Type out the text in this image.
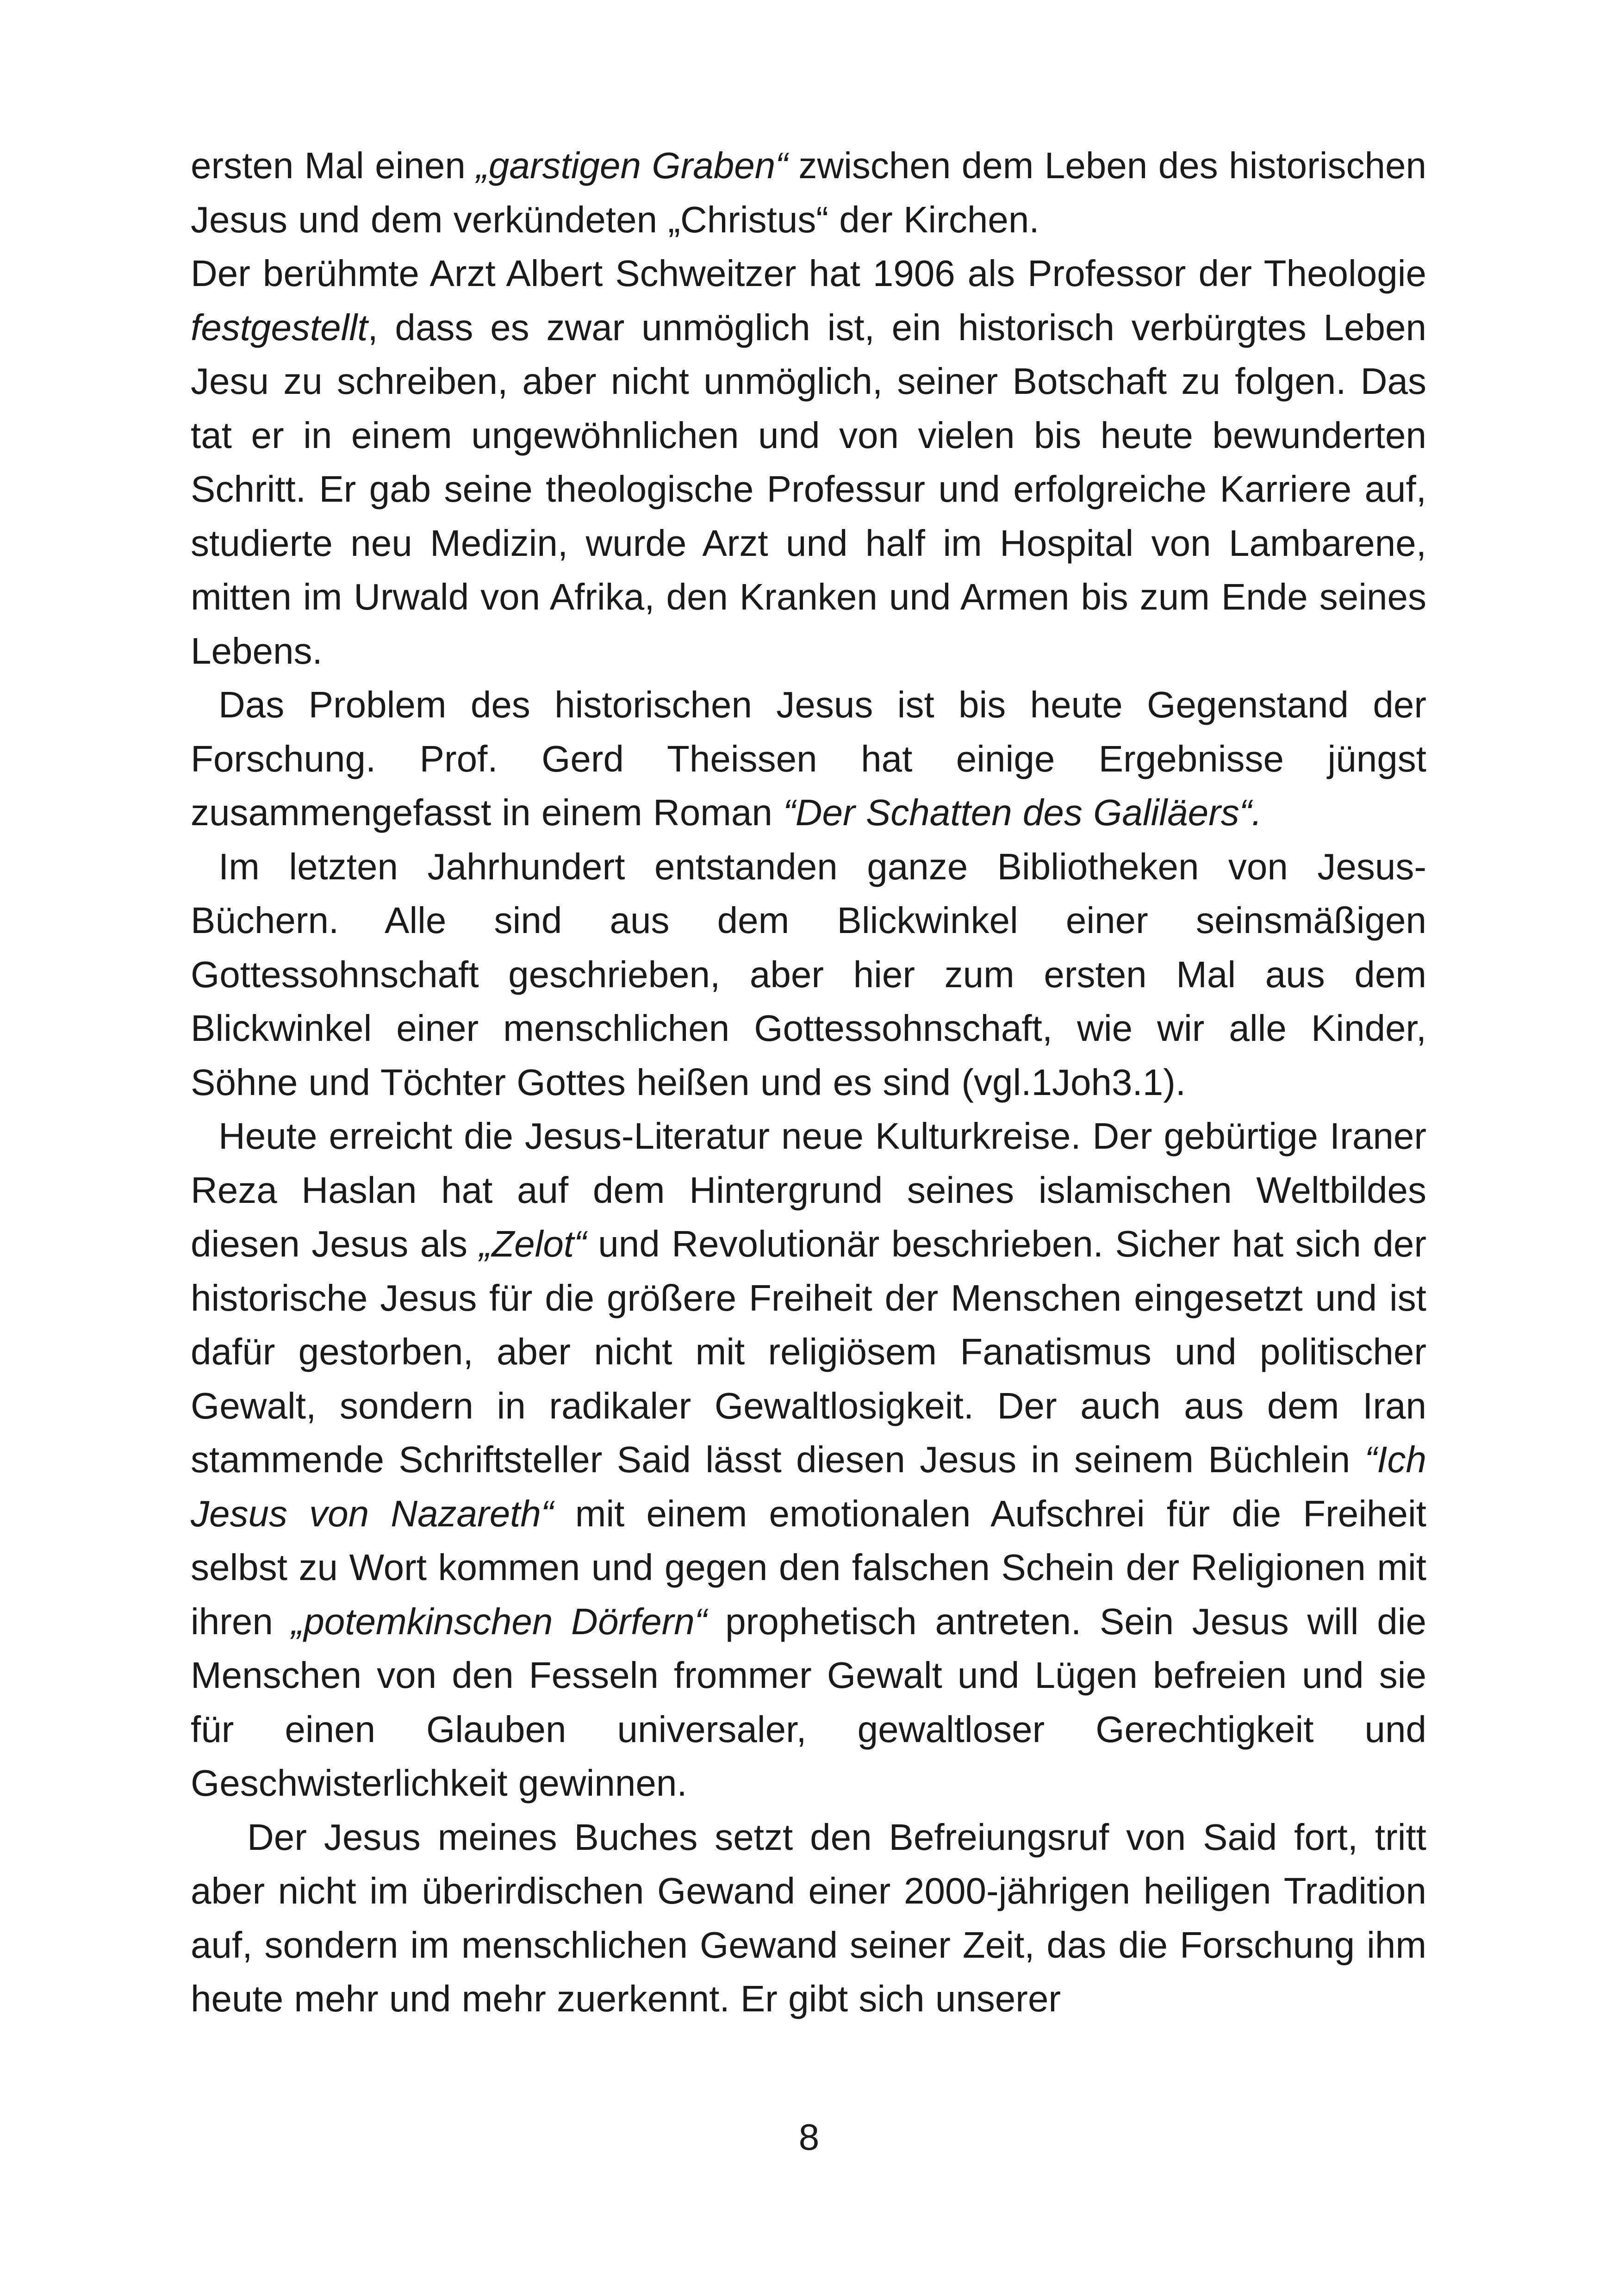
ersten Mal einen „garstigen Graben“ zwischen dem Leben des historischen Jesus und dem verkündeten „Christus“ der Kirchen.

Der berühmte Arzt Albert Schweitzer hat 1906 als Professor der Theologie festgestellt, dass es zwar unmöglich ist, ein historisch verbürgtes Leben Jesu zu schreiben, aber nicht unmöglich, seiner Botschaft zu folgen. Das tat er in einem ungewöhnlichen und von vielen bis heute bewunderten Schritt. Er gab seine theologische Professur und erfolgreiche Karriere auf, studierte neu Medizin, wurde Arzt und half im Hospital von Lambarene, mitten im Urwald von Afrika, den Kranken und Armen bis zum Ende seines Lebens.

Das Problem des historischen Jesus ist bis heute Gegenstand der Forschung. Prof. Gerd Theissen hat einige Ergebnisse jüngst zusammengefasst in einem Roman “Der Schatten des Galiläers“.

Im letzten Jahrhundert entstanden ganze Bibliotheken von Jesus-Büchern. Alle sind aus dem Blickwinkel einer seinsmäßigen Gottessohnschaft geschrieben, aber hier zum ersten Mal aus dem Blickwinkel einer menschlichen Gottessohnschaft, wie wir alle Kinder, Söhne und Töchter Gottes heißen und es sind (vgl.1Joh3.1).

Heute erreicht die Jesus-Literatur neue Kulturkreise. Der gebürtige Iraner Reza Haslan hat auf dem Hintergrund seines islamischen Weltbildes diesen Jesus als „Zelot“ und Revolutionär beschrieben. Sicher hat sich der historische Jesus für die größere Freiheit der Menschen eingesetzt und ist dafür gestorben, aber nicht mit religiösem Fanatismus und politischer Gewalt, sondern in radikaler Gewaltlosigkeit. Der auch aus dem Iran stammende Schriftsteller Said lässt diesen Jesus in seinem Büchlein “Ich Jesus von Nazareth“ mit einem emotionalen Aufschrei für die Freiheit selbst zu Wort kommen und gegen den falschen Schein der Religionen mit ihren „potemkinschen Dörfern“ prophetisch antreten. Sein Jesus will die Menschen von den Fesseln frommer Gewalt und Lügen befreien und sie für einen Glauben universaler, gewaltloser Gerechtigkeit und Geschwisterlichkeit gewinnen.

Der Jesus meines Buches setzt den Befreiungsruf von Said fort, tritt aber nicht im überirdischen Gewand einer 2000-jährigen heiligen Tradition auf, sondern im menschlichen Gewand seiner Zeit, das die Forschung ihm heute mehr und mehr zuerkennt. Er gibt sich unserer

8
